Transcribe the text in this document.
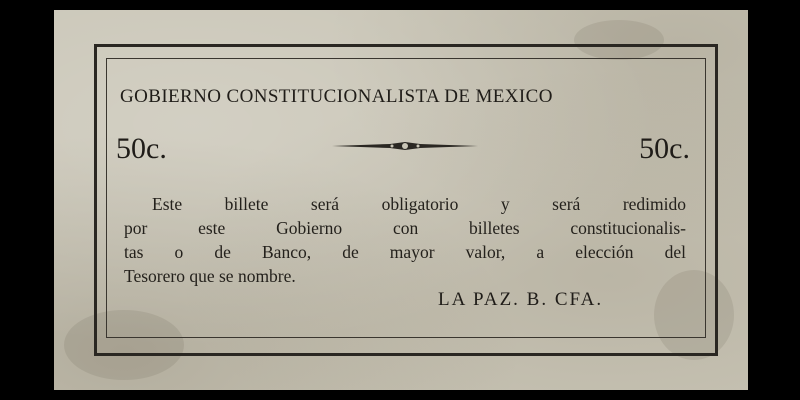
GOBIERNO CONSTITUCIONALISTA DE MEXICO
50c.	50c.
Este billete será obligatorio y será redimido
por este Gobierno con billetes constitucionalis-
tas o de Banco, de mayor valor, a elección del
Tesorero que se nombre.
LA PAZ. B. CFA.
